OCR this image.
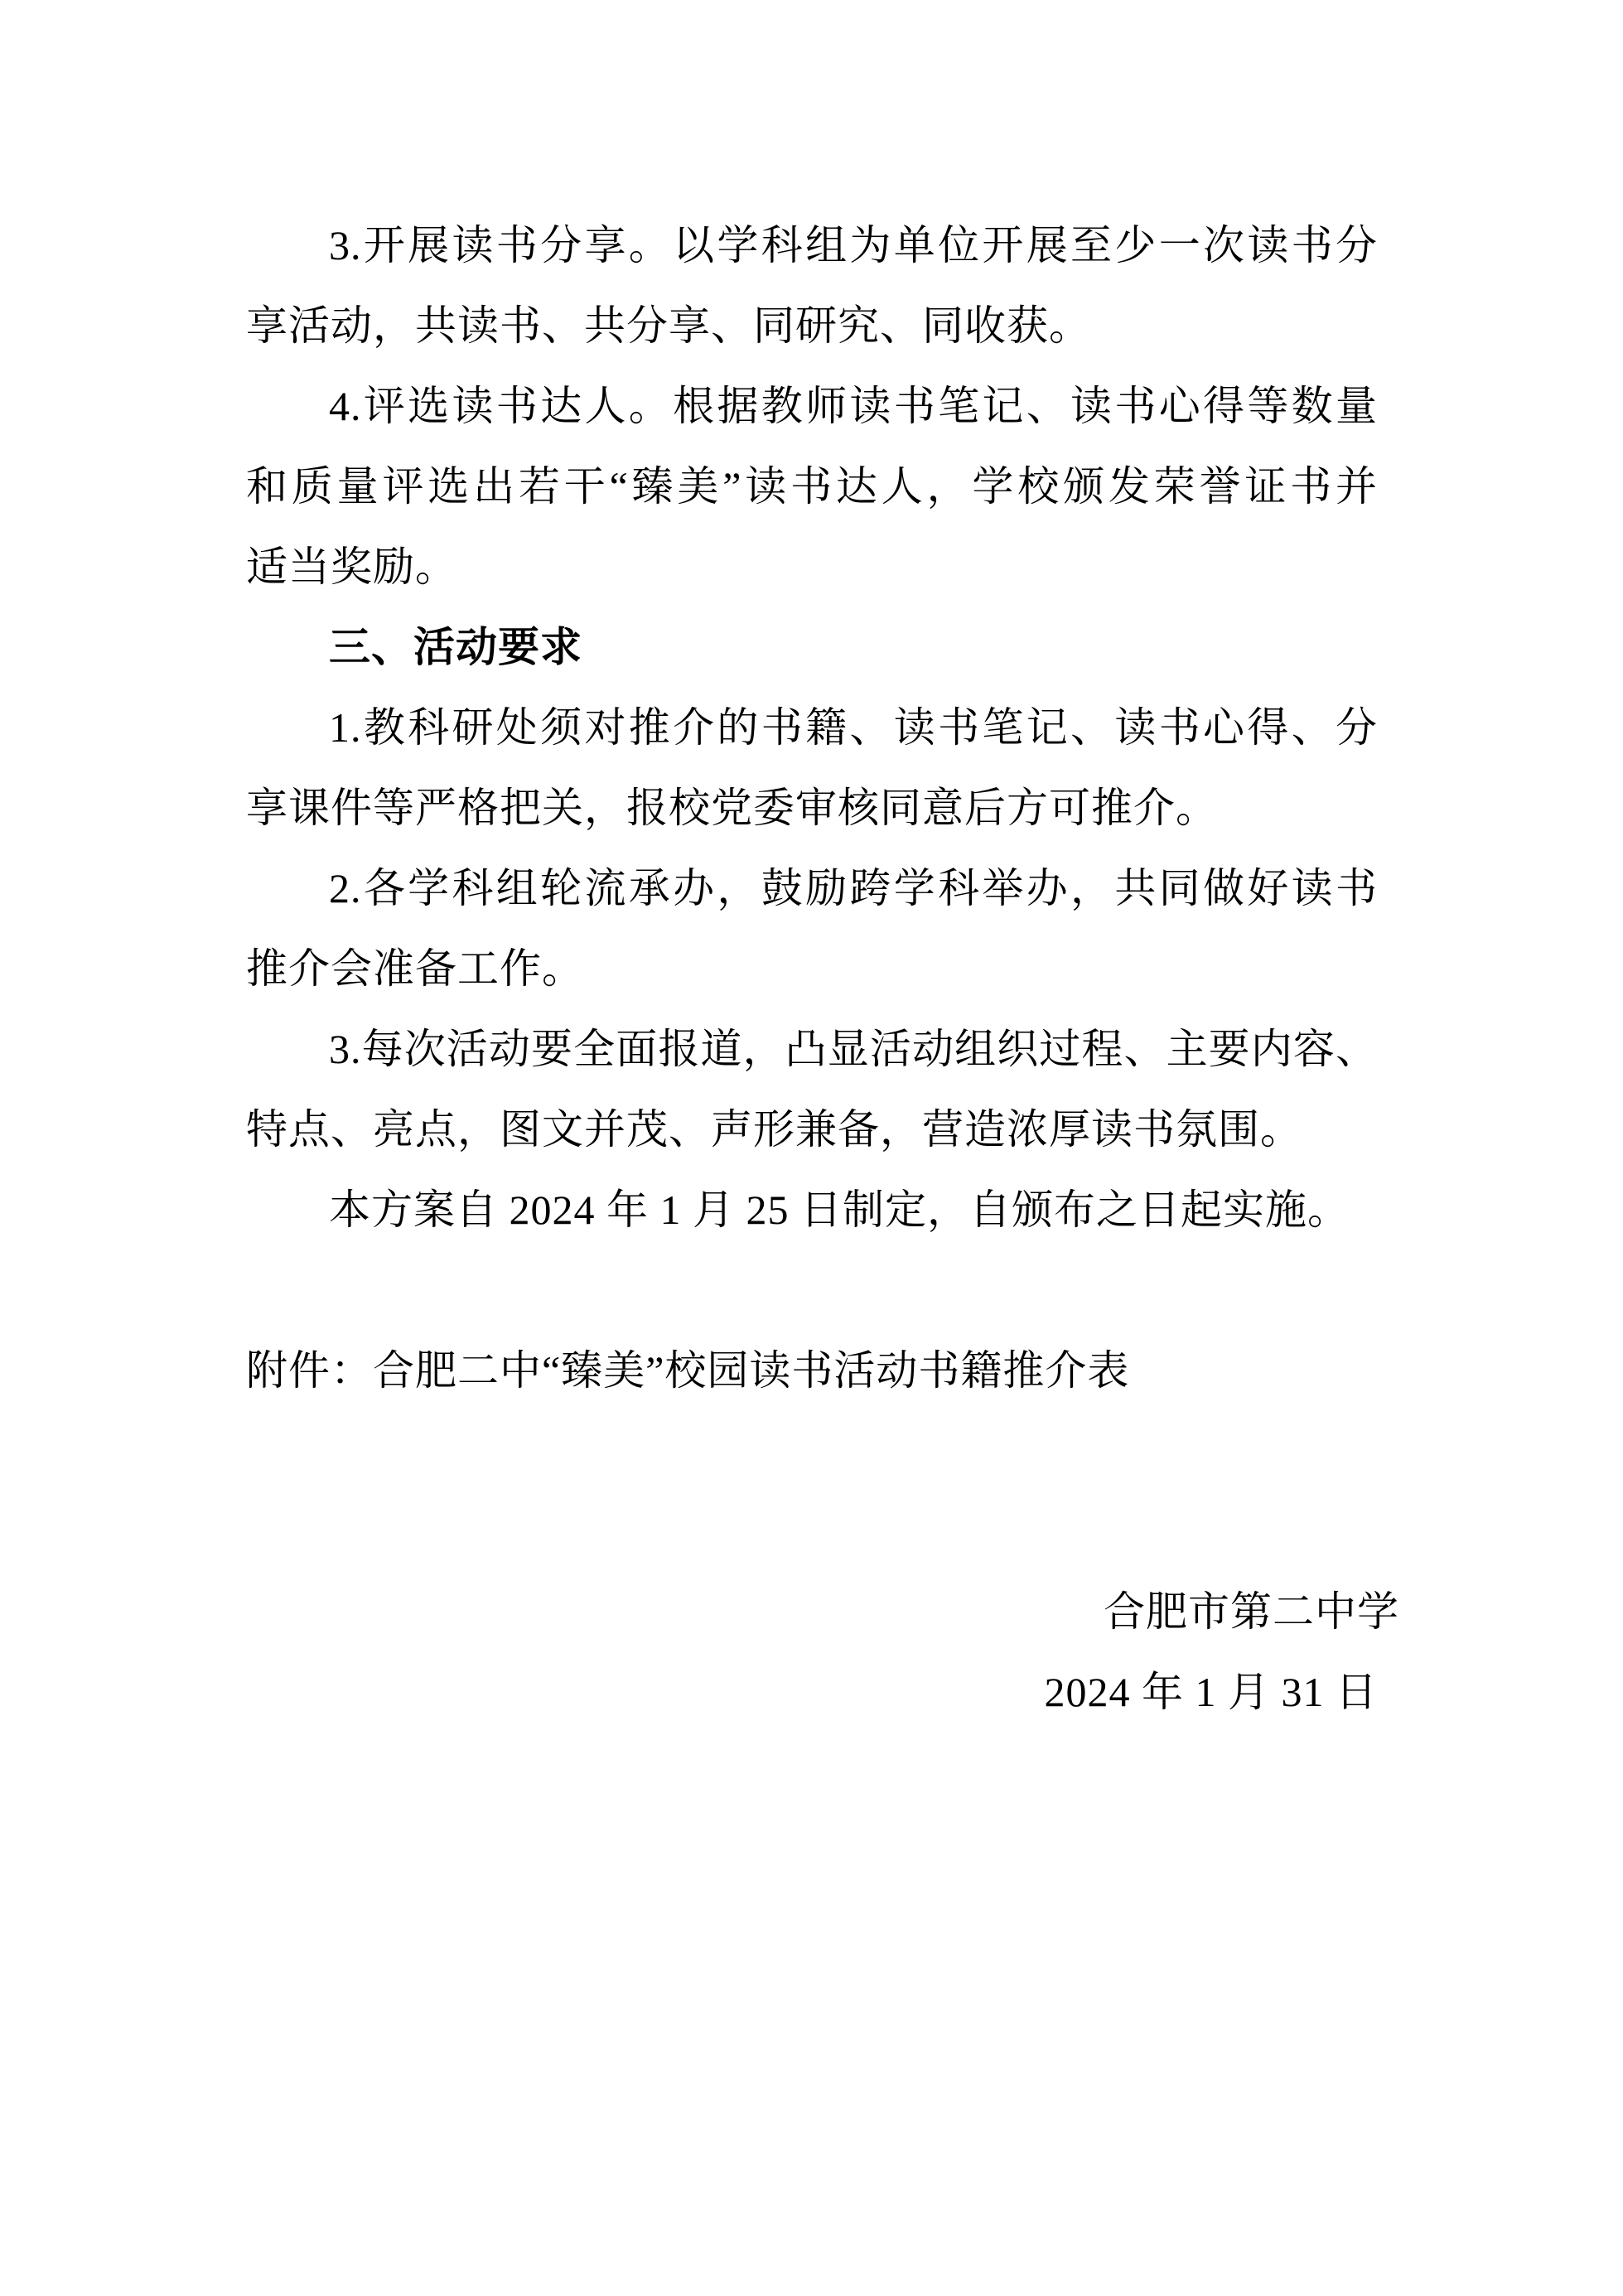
3.开展读书分享。以学科组为单位开展至少一次读书分

享活动，共读书、共分享、同研究、同收获。

4.评选读书达人。根据教师读书笔记、读书心得等数量

和质量评选出若干“臻美”读书达人，学校颁发荣誉证书并

适当奖励。

三、活动要求

1.教科研处须对推介的书籍、读书笔记、读书心得、分

享课件等严格把关，报校党委审核同意后方可推介。

2.各学科组轮流承办，鼓励跨学科举办，共同做好读书

推介会准备工作。

3.每次活动要全面报道，凸显活动组织过程、主要内容、

特点、亮点，图文并茂、声形兼备，营造浓厚读书氛围。

本方案自 2024 年 1 月 25 日制定，自颁布之日起实施。

附件：合肥二中“臻美”校园读书活动书籍推介表

合肥市第二中学

2024 年 1 月 31 日
